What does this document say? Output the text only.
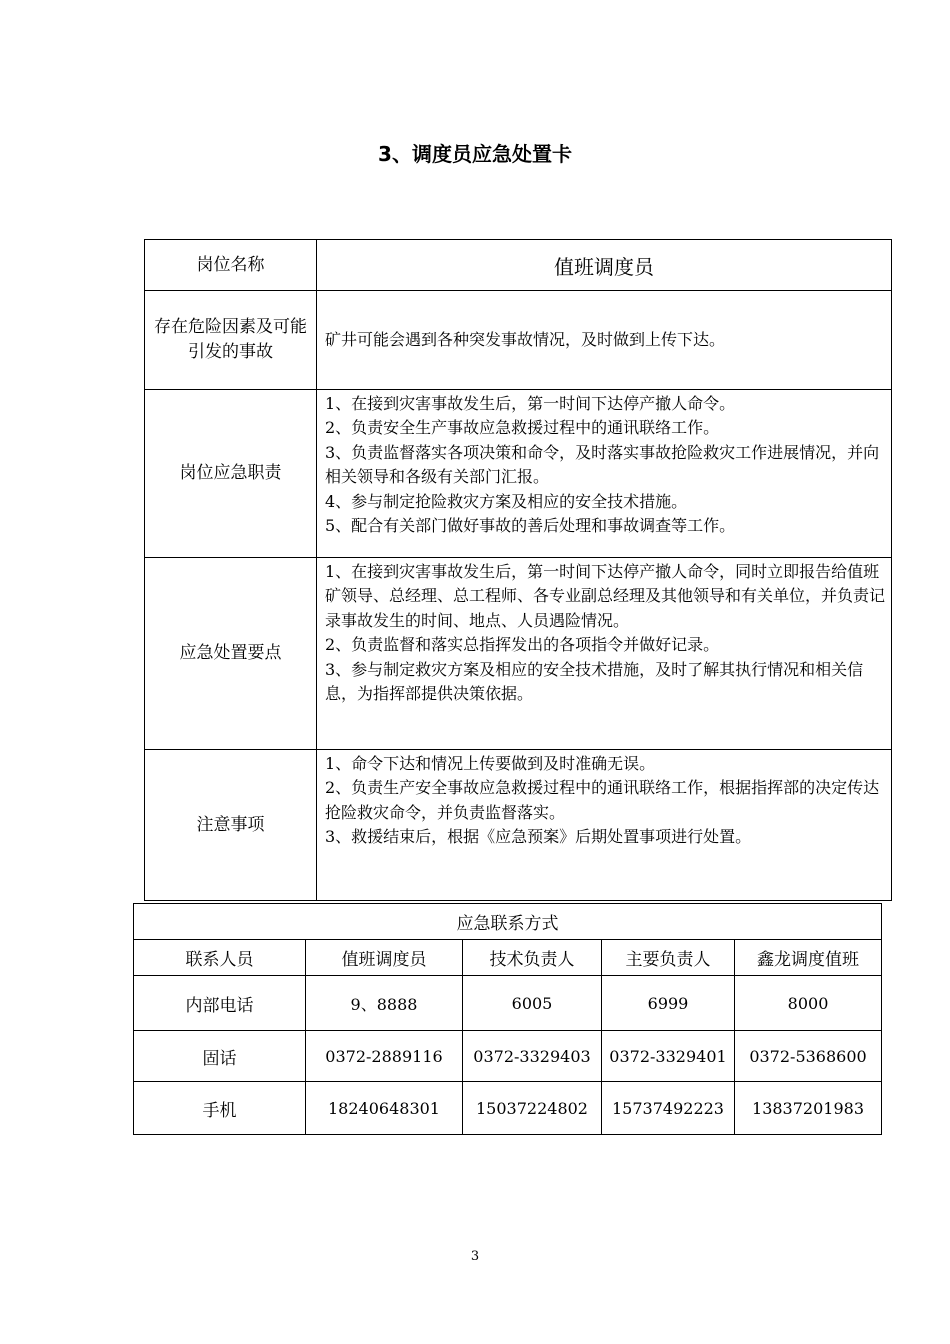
3、调度员应急处置卡
岗位名称	值班调度员
存在危险因素及可能引发的事故	矿井可能会遇到各种突发事故情况，及时做到上传下达。
岗位应急职责	1、在接到灾害事故发生后，第一时间下达停产撤人命令。
2、负责安全生产事故应急救援过程中的通讯联络工作。
3、负责监督落实各项决策和命令，及时落实事故抢险救灾工作进展情况，并向相关领导和各级有关部门汇报。
4、参与制定抢险救灾方案及相应的安全技术措施。
5、配合有关部门做好事故的善后处理和事故调查等工作。

应急处置要点	1、在接到灾害事故发生后，第一时间下达停产撤人命令，同时立即报告给值班矿领导、总经理、总工程师、各专业副总经理及其他领导和有关单位，并负责记录事故发生的时间、地点、人员遇险情况。
2、负责监督和落实总指挥发出的各项指令并做好记录。
3、参与制定救灾方案及相应的安全技术措施，及时了解其执行情况和相关信息，为指挥部提供决策依据。

注意事项	1、命令下达和情况上传要做到及时准确无误。
2、负责生产安全事故应急救援过程中的通讯联络工作，根据指挥部的决定传达抢险救灾命令，并负责监督落实。
3、救援结束后，根据《应急预案》后期处置事项进行处置。
应急联系方式				
联系人员	值班调度员	技术负责人	主要负责人	鑫龙调度值班
内部电话	9、8888	6005	6999	8000
固话	0372-2889116	0372-3329403	0372-3329401	0372-5368600
手机	18240648301	15037224802	15737492223	13837201983
3
